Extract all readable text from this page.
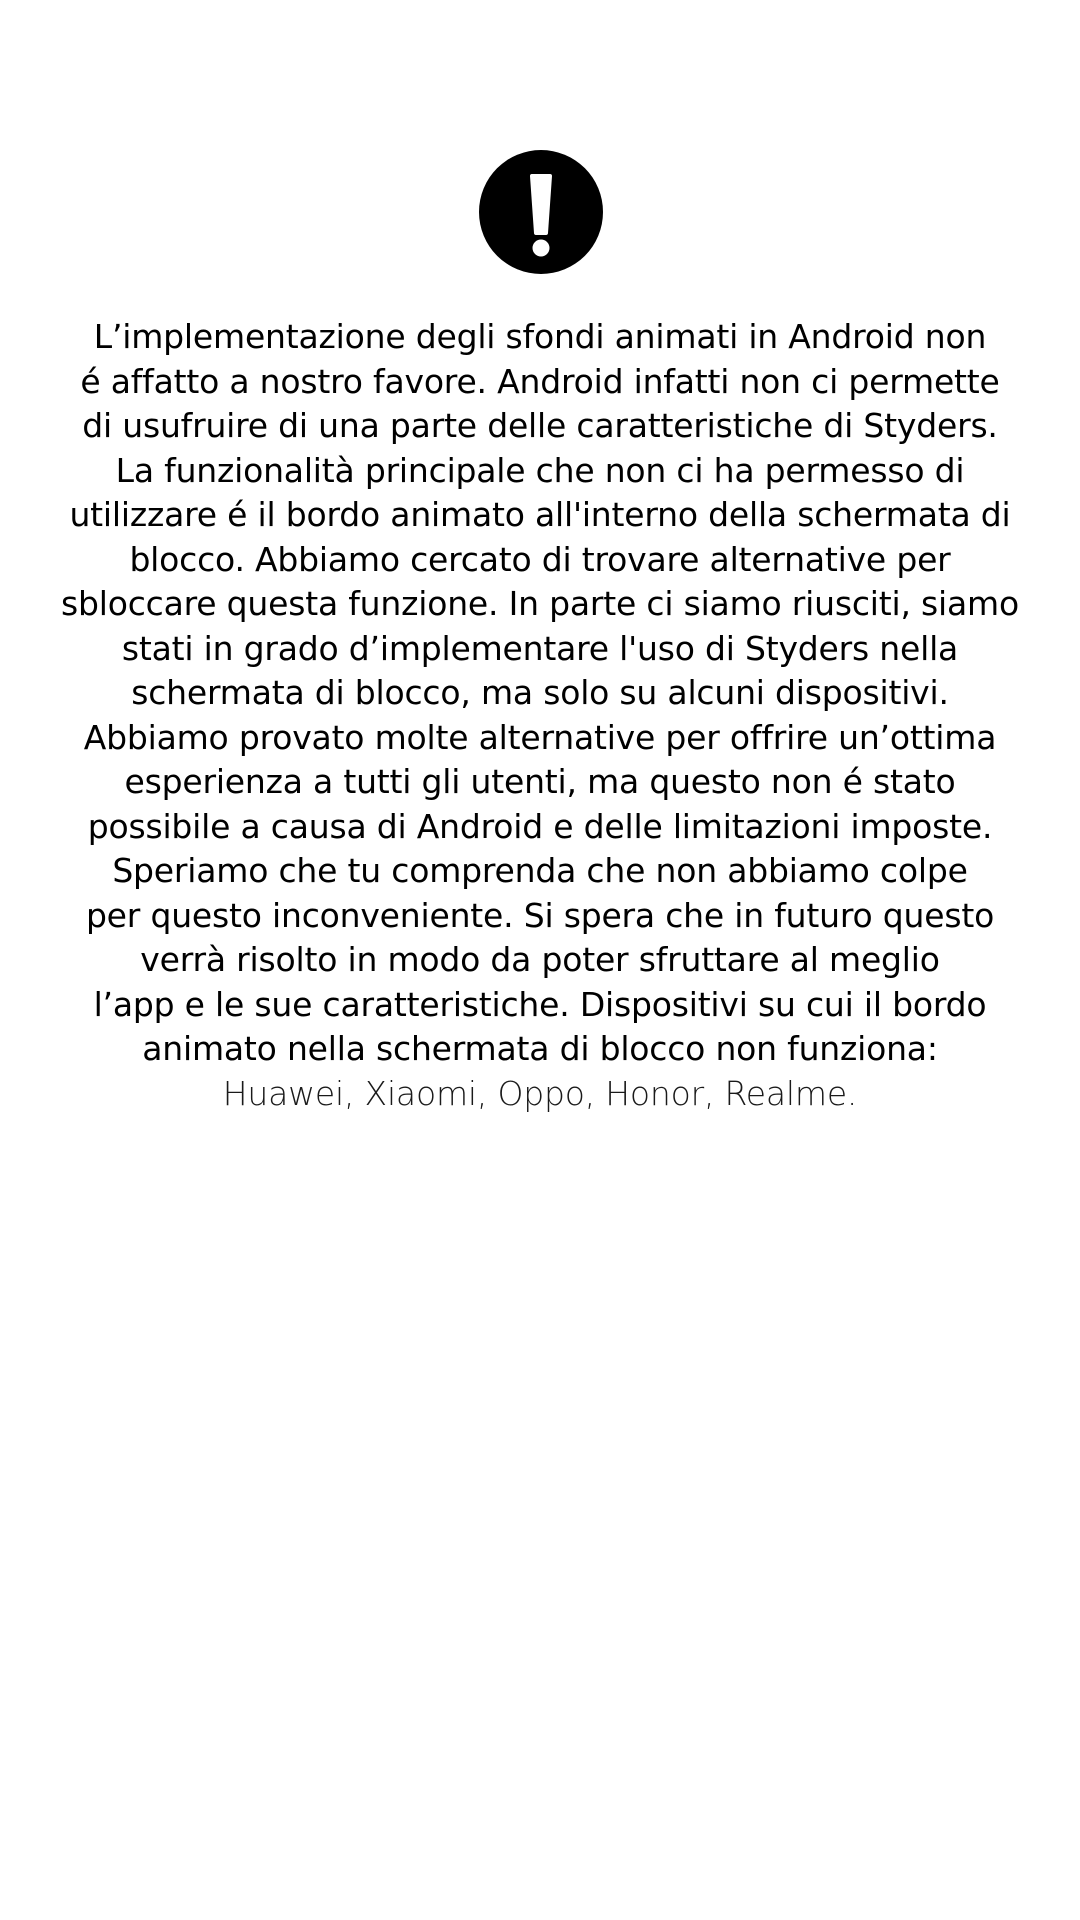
L’implementazione degli sfondi animati in Android non
é affatto a nostro favore. Android infatti non ci permette
di usufruire di una parte delle caratteristiche di Styders.
La funzionalità principale che non ci ha permesso di
utilizzare é il bordo animato all'interno della schermata di
blocco. Abbiamo cercato di trovare alternative per
sbloccare questa funzione. In parte ci siamo riusciti, siamo
stati in grado d’implementare l'uso di Styders nella
schermata di blocco, ma solo su alcuni dispositivi.
Abbiamo provato molte alternative per offrire un’ottima
esperienza a tutti gli utenti, ma questo non é stato
possibile a causa di Android e delle limitazioni imposte.
Speriamo che tu comprenda che non abbiamo colpe
per questo inconveniente. Si spera che in futuro questo
verrà risolto in modo da poter sfruttare al meglio
l’app e le sue caratteristiche. Dispositivi su cui il bordo
animato nella schermata di blocco non funziona:
Huawei, Xiaomi, Oppo, Honor, Realme.
